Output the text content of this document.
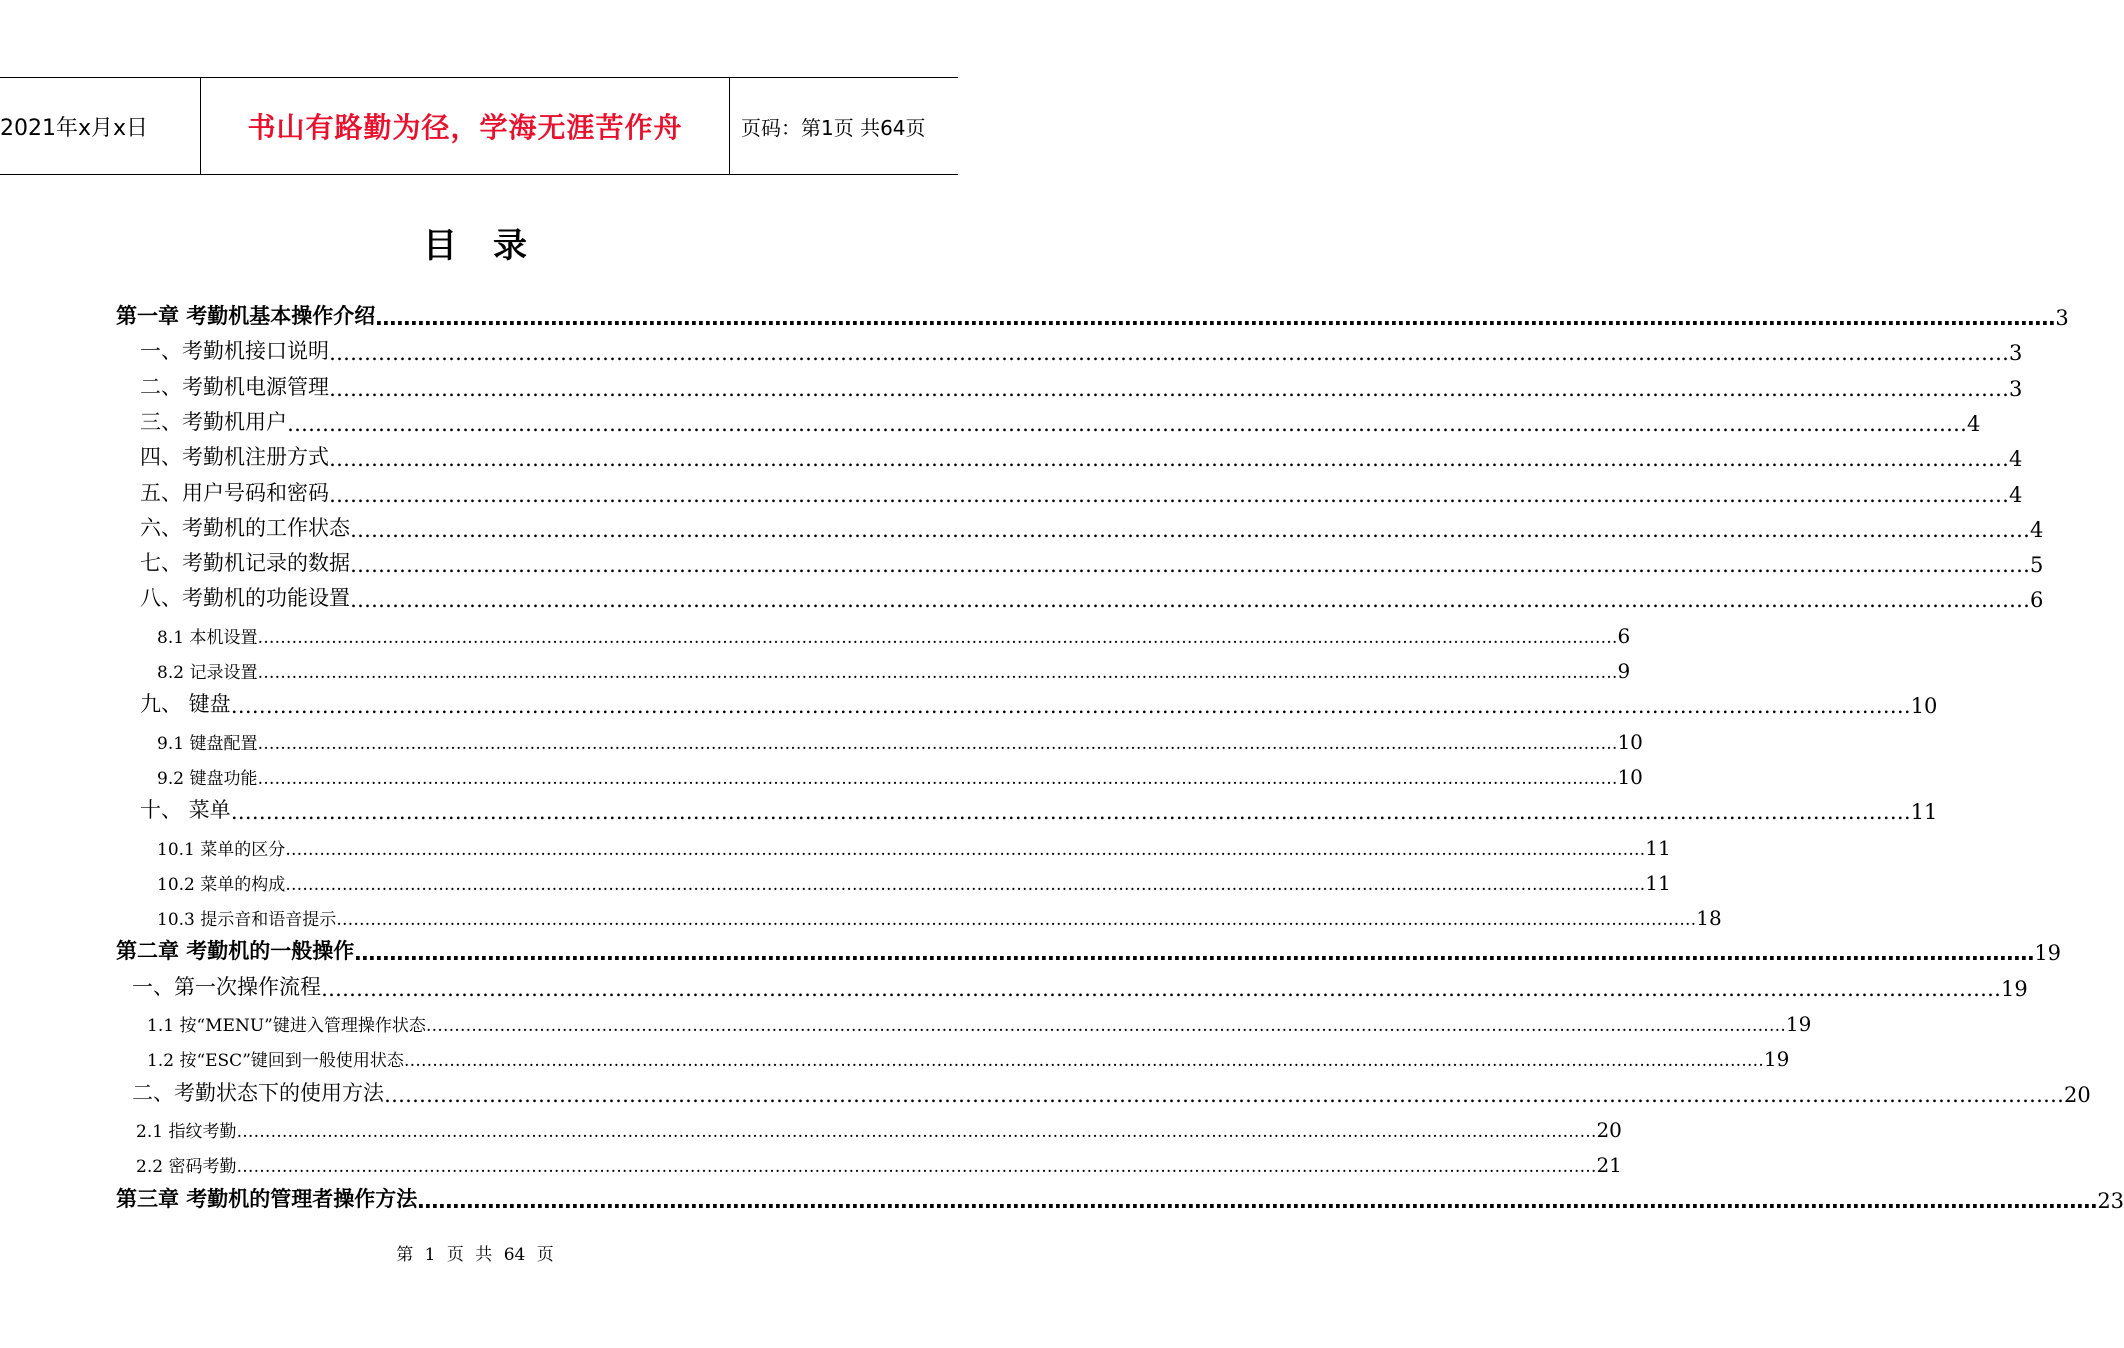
2021年x月x日	书山有路勤为径，学海无涯苦作舟	页码：第1页 共64页
目录
第一章 考勤机基本操作介绍 …………………………………………………………………………………………………………………………………………………………………………………………………………………… 3
一、考勤机接口说明 …………………………………………………………………………………………………………………………………………………………………………………………………………………… 3
二、考勤机电源管理 …………………………………………………………………………………………………………………………………………………………………………………………………………………… 3
三、考勤机用户 …………………………………………………………………………………………………………………………………………………………………………………………………………………… 4
四、考勤机注册方式 …………………………………………………………………………………………………………………………………………………………………………………………………………………… 4
五、用户号码和密码 …………………………………………………………………………………………………………………………………………………………………………………………………………………… 4
六、考勤机的工作状态 …………………………………………………………………………………………………………………………………………………………………………………………………………………… 4
七、考勤机记录的数据 …………………………………………………………………………………………………………………………………………………………………………………………………………………… 5
八、考勤机的功能设置 …………………………………………………………………………………………………………………………………………………………………………………………………………………… 6
8.1 本机设置 …………………………………………………………………………………………………………………………………………………………………………………………………………………… 6
8.2 记录设置 …………………………………………………………………………………………………………………………………………………………………………………………………………………… 9
九、 键盘 …………………………………………………………………………………………………………………………………………………………………………………………………………………… 10
9.1 键盘配置 …………………………………………………………………………………………………………………………………………………………………………………………………………………… 10
9.2 键盘功能 …………………………………………………………………………………………………………………………………………………………………………………………………………………… 10
十、 菜单 …………………………………………………………………………………………………………………………………………………………………………………………………………………… 11
10.1 菜单的区分 …………………………………………………………………………………………………………………………………………………………………………………………………………………… 11
10.2 菜单的构成 …………………………………………………………………………………………………………………………………………………………………………………………………………………… 11
10.3 提示音和语音提示 …………………………………………………………………………………………………………………………………………………………………………………………………………………… 18
第二章 考勤机的一般操作 …………………………………………………………………………………………………………………………………………………………………………………………………………………… 19
一、第一次操作流程 …………………………………………………………………………………………………………………………………………………………………………………………………………………… 19
1.1 按“MENU”键进入管理操作状态 …………………………………………………………………………………………………………………………………………………………………………………………………………………… 19
1.2 按“ESC”键回到一般使用状态 …………………………………………………………………………………………………………………………………………………………………………………………………………………… 19
二、考勤状态下的使用方法 …………………………………………………………………………………………………………………………………………………………………………………………………………………… 20
2.1 指纹考勤 …………………………………………………………………………………………………………………………………………………………………………………………………………………… 20
2.2 密码考勤 …………………………………………………………………………………………………………………………………………………………………………………………………………………… 21
第三章 考勤机的管理者操作方法 …………………………………………………………………………………………………………………………………………………………………………………………………………………… 23
第 1 页 共 64 页
